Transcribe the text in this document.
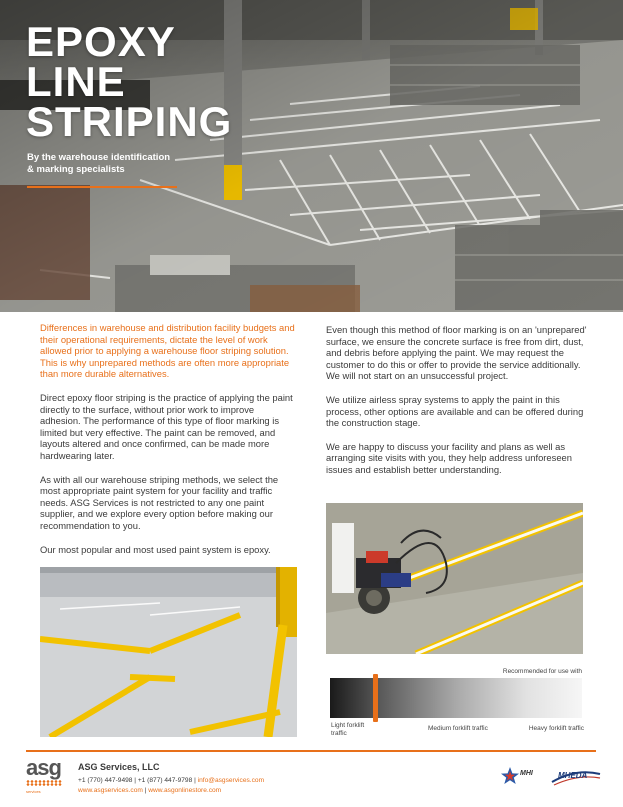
EPOXY
LINE
STRIPING
By the warehouse identification
& marking specialists

Differences in warehouse and distribution facility budgets and their operational requirements, dictate the level of work allowed prior to applying a warehouse floor striping solution. This is why unprepared methods are often more appropriate than more durable alternatives.

Direct epoxy floor striping is the practice of applying the paint directly to the surface, without prior work to improve adhesion. The performance of this type of floor marking is limited but very effective. The paint can be removed, and layouts altered and once confirmed, can be made more hardwearing later.

As with all our warehouse striping methods, we select the most appropriate paint system for your facility and traffic needs. ASG Services is not restricted to any one paint supplier, and we explore every option before making our recommendation to you.

Our most popular and most used paint system is epoxy.

Even though this method of floor marking is on an 'unprepared' surface, we ensure the concrete surface is free from dirt, dust, and debris before applying the paint. We may request the customer to do this or offer to provide the service additionally. We will not start on an unsuccessful project.

We utilize airless spray systems to apply the paint in this process, other options are available and can be offered during the construction stage.

We are happy to discuss your facility and plans as well as arranging site visits with you, they help address unforeseen issues and establish better understanding.

Recommended for use with
Light forklift traffic
Medium forklift traffic	Heavy forklift traffic
asg
services
ASG Services, LLC
+1 (770) 447-9498 | +1 (877) 447-9798 | info@asgservices.com
www.asgservices.com | www.asgonlinestore.com
MHI	MHEDA
